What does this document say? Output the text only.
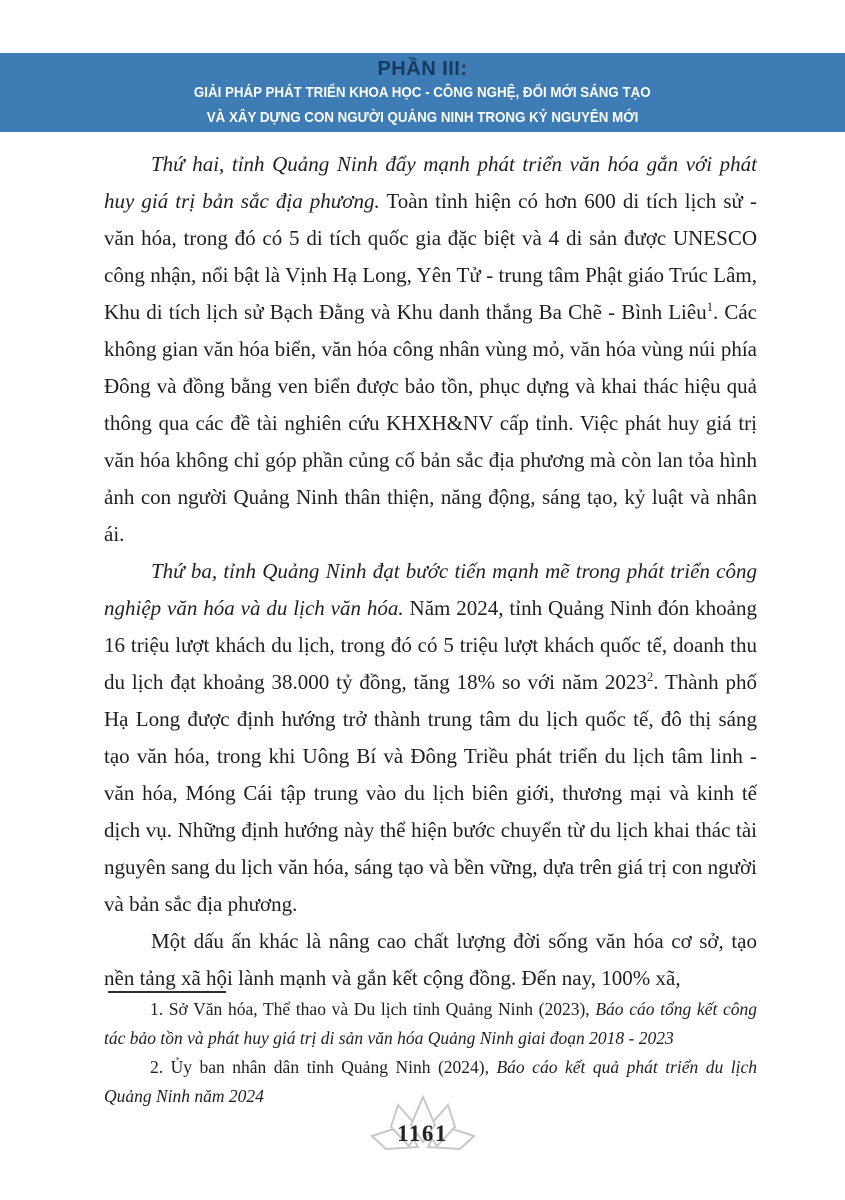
PHẦN III:
GIẢI PHÁP PHÁT TRIỂN KHOA HỌC - CÔNG NGHỆ, ĐỔI MỚI SÁNG TẠO
VÀ XÂY DỰNG CON NGƯỜI QUẢNG NINH TRONG KỶ NGUYÊN MỚI

Thứ hai, tỉnh Quảng Ninh đẩy mạnh phát triển văn hóa gắn với phát huy giá trị bản sắc địa phương. Toàn tỉnh hiện có hơn 600 di tích lịch sử - văn hóa, trong đó có 5 di tích quốc gia đặc biệt và 4 di sản được UNESCO công nhận, nổi bật là Vịnh Hạ Long, Yên Tử - trung tâm Phật giáo Trúc Lâm, Khu di tích lịch sử Bạch Đằng và Khu danh thắng Ba Chẽ - Bình Liêu$^1$. Các không gian văn hóa biển, văn hóa công nhân vùng mỏ, văn hóa vùng núi phía Đông và đồng bằng ven biển được bảo tồn, phục dựng và khai thác hiệu quả thông qua các đề tài nghiên cứu KHXH&NV cấp tỉnh. Việc phát huy giá trị văn hóa không chỉ góp phần củng cố bản sắc địa phương mà còn lan tỏa hình ảnh con người Quảng Ninh thân thiện, năng động, sáng tạo, kỷ luật và nhân ái.

Thứ ba, tỉnh Quảng Ninh đạt bước tiến mạnh mẽ trong phát triển công nghiệp văn hóa và du lịch văn hóa. Năm 2024, tỉnh Quảng Ninh đón khoảng 16 triệu lượt khách du lịch, trong đó có 5 triệu lượt khách quốc tế, doanh thu du lịch đạt khoảng 38.000 tỷ đồng, tăng 18% so với năm 2023$^2$. Thành phố Hạ Long được định hướng trở thành trung tâm du lịch quốc tế, đô thị sáng tạo văn hóa, trong khi Uông Bí và Đông Triều phát triển du lịch tâm linh - văn hóa, Móng Cái tập trung vào du lịch biên giới, thương mại và kinh tế dịch vụ. Những định hướng này thể hiện bước chuyển từ du lịch khai thác tài nguyên sang du lịch văn hóa, sáng tạo và bền vững, dựa trên giá trị con người và bản sắc địa phương.

Một dấu ấn khác là nâng cao chất lượng đời sống văn hóa cơ sở, tạo nền tảng xã hội lành mạnh và gắn kết cộng đồng. Đến nay, 100% xã,

1. Sở Văn hóa, Thể thao và Du lịch tỉnh Quảng Ninh (2023), Báo cáo tổng kết công tác bảo tồn và phát huy giá trị di sản văn hóa Quảng Ninh giai đoạn 2018 - 2023

2. Ủy ban nhân dân tỉnh Quảng Ninh (2024), Báo cáo kết quả phát triển du lịch Quảng Ninh năm 2024

1161
